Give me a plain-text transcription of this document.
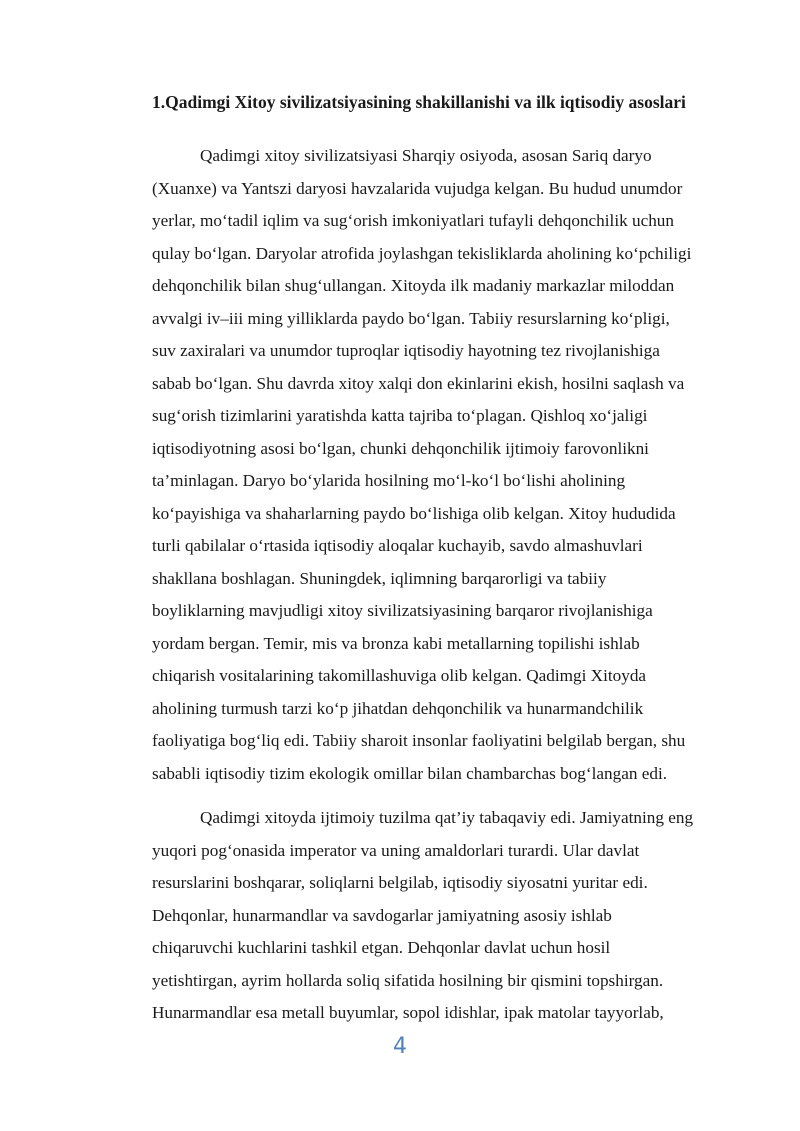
1.Qadimgi Xitoy sivilizatsiyasining shakillanishi va ilk iqtisodiy asoslari
Qadimgi xitoy sivilizatsiyasi Sharqiy osiyoda, asosan Sariq daryo
(Xuanxe) va Yantszi daryosi havzalarida vujudga kelgan. Bu hudud unumdor
yerlar, mo‘tadil iqlim va sug‘orish imkoniyatlari tufayli dehqonchilik uchun
qulay bo‘lgan. Daryolar atrofida joylashgan tekisliklarda aholining ko‘pchiligi
dehqonchilik bilan shug‘ullangan. Xitoyda ilk madaniy markazlar miloddan
avvalgi iv–iii ming yilliklarda paydo bo‘lgan. Tabiiy resurslarning ko‘pligi,
suv zaxiralari va unumdor tuproqlar iqtisodiy hayotning tez rivojlanishiga
sabab bo‘lgan. Shu davrda xitoy xalqi don ekinlarini ekish, hosilni saqlash va
sug‘orish tizimlarini yaratishda katta tajriba to‘plagan. Qishloq xo‘jaligi
iqtisodiyotning asosi bo‘lgan, chunki dehqonchilik ijtimoiy farovonlikni
ta’minlagan. Daryo bo‘ylarida hosilning mo‘l-ko‘l bo‘lishi aholining
ko‘payishiga va shaharlarning paydo bo‘lishiga olib kelgan. Xitoy hududida
turli qabilalar o‘rtasida iqtisodiy aloqalar kuchayib, savdo almashuvlari
shakllana boshlagan. Shuningdek, iqlimning barqarorligi va tabiiy
boyliklarning mavjudligi xitoy sivilizatsiyasining barqaror rivojlanishiga
yordam bergan. Temir, mis va bronza kabi metallarning topilishi ishlab
chiqarish vositalarining takomillashuviga olib kelgan. Qadimgi Xitoyda
aholining turmush tarzi ko‘p jihatdan dehqonchilik va hunarmandchilik
faoliyatiga bog‘liq edi. Tabiiy sharoit insonlar faoliyatini belgilab bergan, shu
sababli iqtisodiy tizim ekologik omillar bilan chambarchas bog‘langan edi.
Qadimgi xitoyda ijtimoiy tuzilma qat’iy tabaqaviy edi. Jamiyatning eng
yuqori pog‘onasida imperator va uning amaldorlari turardi. Ular davlat
resurslarini boshqarar, soliqlarni belgilab, iqtisodiy siyosatni yuritar edi.
Dehqonlar, hunarmandlar va savdogarlar jamiyatning asosiy ishlab
chiqaruvchi kuchlarini tashkil etgan. Dehqonlar davlat uchun hosil
yetishtirgan, ayrim hollarda soliq sifatida hosilning bir qismini topshirgan.
Hunarmandlar esa metall buyumlar, sopol idishlar, ipak matolar tayyorlab,
4
